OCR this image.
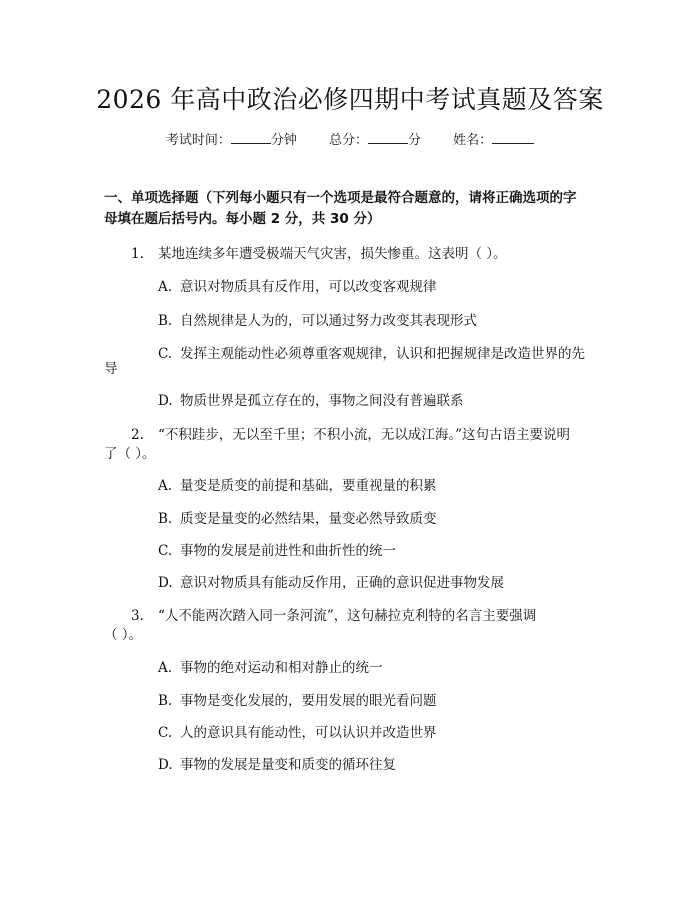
2026 年高中政治必修四期中考试真题及答案
考试时间：	分钟 总分：	分 姓名：
一、单项选择题（下列每小题只有一个选项是最符合题意的，请将正确选项的字
母填在题后括号内。每小题 2 分，共 30 分）
1. 某地连续多年遭受极端天气灾害，损失惨重。这表明（ ）。
A. 意识对物质具有反作用，可以改变客观规律
B. 自然规律是人为的，可以通过努力改变其表现形式
C. 发挥主观能动性必须尊重客观规律，认识和把握规律是改造世界的先
导
D. 物质世界是孤立存在的，事物之间没有普遍联系
2. “不积跬步，无以至千里；不积小流，无以成江海。”这句古语主要说明
了（ ）。
A. 量变是质变的前提和基础，要重视量的积累
B. 质变是量变的必然结果，量变必然导致质变
C. 事物的发展是前进性和曲折性的统一
D. 意识对物质具有能动反作用，正确的意识促进事物发展
3. “人不能两次踏入同一条河流”，这句赫拉克利特的名言主要强调
（ ）。
A. 事物的绝对运动和相对静止的统一
B. 事物是变化发展的，要用发展的眼光看问题
C. 人的意识具有能动性，可以认识并改造世界
D. 事物的发展是量变和质变的循环往复
